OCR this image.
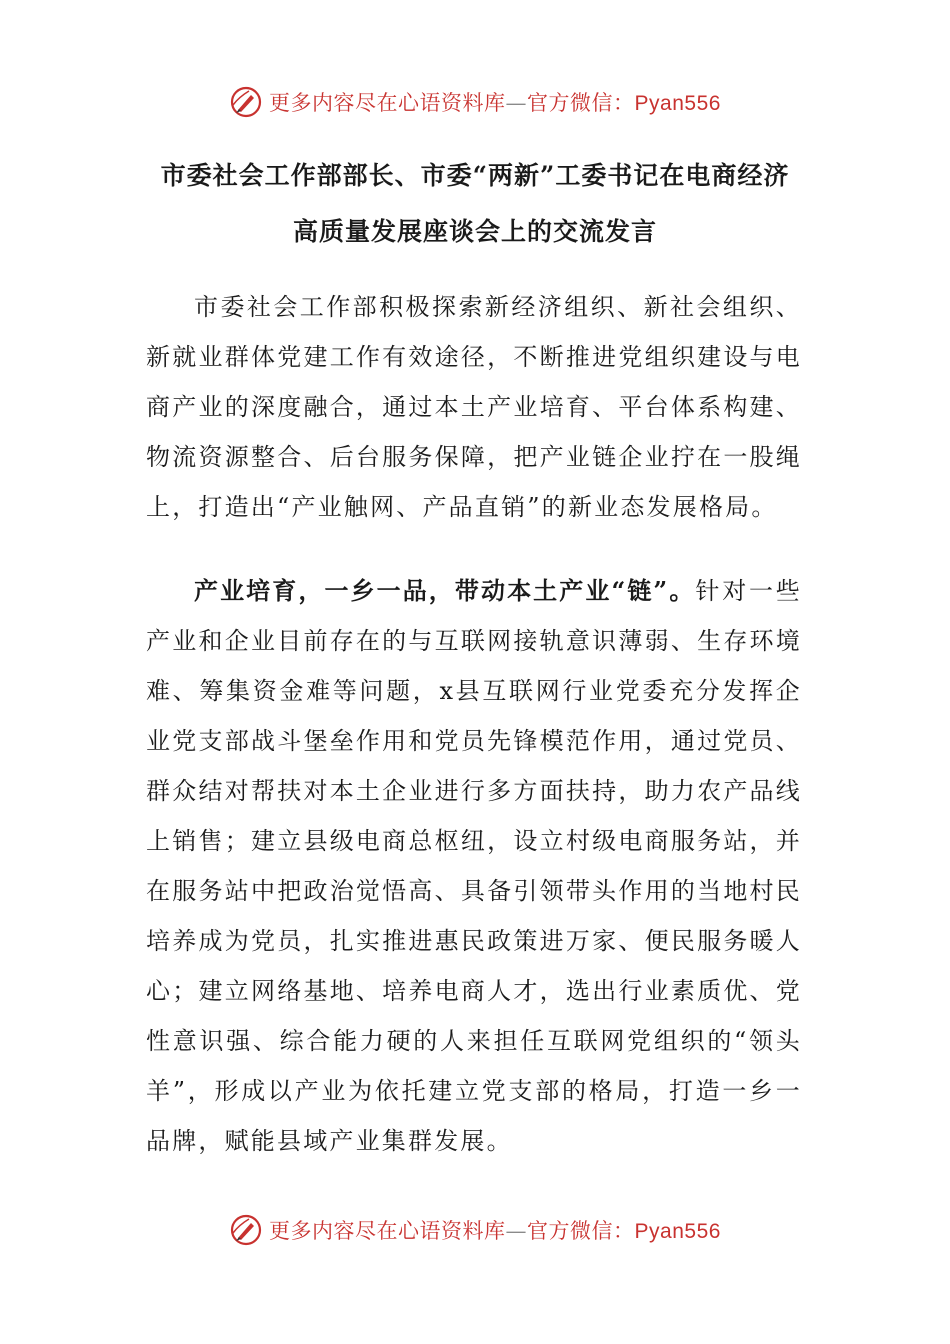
更多内容尽在心语资料库—官方微信：Pyan556
市委社会工作部部长、市委“两新”工委书记在电商经济
高质量发展座谈会上的交流发言

市委社会工作部积极探索新经济组织、新社会组织、新就业群体党建工作有效途径，不断推进党组织建设与电商产业的深度融合，通过本土产业培育、平台体系构建、物流资源整合、后台服务保障，把产业链企业拧在一股绳上，打造出“产业触网、产品直销”的新业态发展格局。

产业培育，一乡一品，带动本土产业“链”。针对一些产业和企业目前存在的与互联网接轨意识薄弱、生存环境难、筹集资金难等问题，x县互联网行业党委充分发挥企业党支部战斗堡垒作用和党员先锋模范作用，通过党员、群众结对帮扶对本土企业进行多方面扶持，助力农产品线上销售；建立县级电商总枢纽，设立村级电商服务站，并在服务站中把政治觉悟高、具备引领带头作用的当地村民培养成为党员，扎实推进惠民政策进万家、便民服务暖人心；建立网络基地、培养电商人才，选出行业素质优、党性意识强、综合能力硬的人来担任互联网党组织的“领头羊”，形成以产业为依托建立党支部的格局，打造一乡一品牌，赋能县域产业集群发展。

更多内容尽在心语资料库—官方微信：Pyan556
